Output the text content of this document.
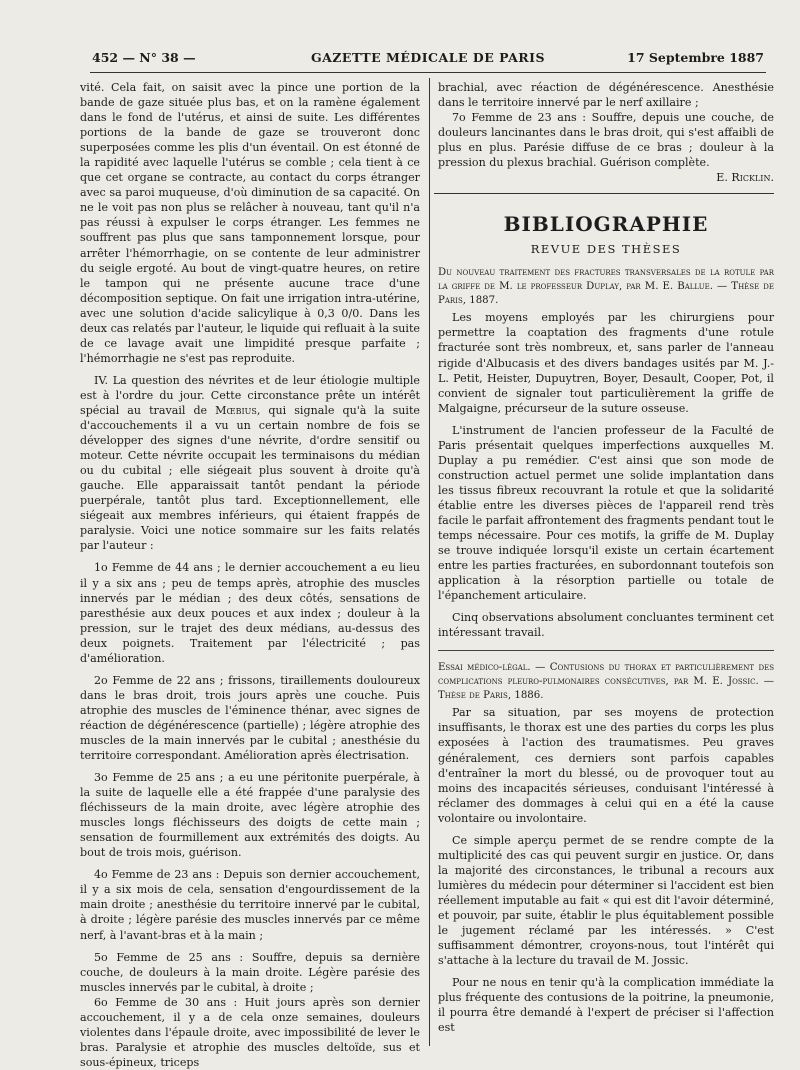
452 — N° 38 —	GAZETTE MÉDICALE DE PARIS	17 Septembre 1887

vité. Cela fait, on saisit avec la pince une portion de la bande de gaze située plus bas, et on la ramène également dans le fond de l'utérus, et ainsi de suite. Les différentes portions de la bande de gaze se trouveront donc superposées comme les plis d'un éventail. On est étonné de la rapidité avec laquelle l'utérus se comble ; cela tient à ce que cet organe se contracte, au contact du corps étranger avec sa paroi muqueuse, d'où diminution de sa capacité. On ne le voit pas non plus se relâcher à nouveau, tant qu'il n'a pas réussi à expulser le corps étranger. Les femmes ne souffrent pas plus que sans tamponnement lorsque, pour arrêter l'hémorrhagie, on se contente de leur administrer du seigle ergoté. Au bout de vingt-quatre heures, on retire le tampon qui ne présente aucune trace d'une décomposition septique. On fait une irrigation intra-utérine, avec une solution d'acide salicylique à 0,3 0/0. Dans les deux cas relatés par l'auteur, le liquide qui refluait à la suite de ce lavage avait une limpidité presque parfaite ; l'hémorrhagie ne s'est pas reproduite.

IV. La question des névrites et de leur étiologie multiple est à l'ordre du jour. Cette circonstance prête un intérêt spécial au travail de Mœbius, qui signale qu'à la suite d'accouchements il a vu un certain nombre de fois se développer des signes d'une névrite, d'ordre sensitif ou moteur. Cette névrite occupait les terminaisons du médian ou du cubital ; elle siégeait plus souvent à droite qu'à gauche. Elle apparaissait tantôt pendant la période puerpérale, tantôt plus tard. Exceptionnellement, elle siégeait aux membres inférieurs, qui étaient frappés de paralysie. Voici une notice sommaire sur les faits relatés par l'auteur :

1o Femme de 44 ans ; le dernier accouchement a eu lieu il y a six ans ; peu de temps après, atrophie des muscles innervés par le médian ; des deux côtés, sensations de paresthésie aux deux pouces et aux index ; douleur à la pression, sur le trajet des deux médians, au-dessus des deux poignets. Traitement par l'électricité ; pas d'amélioration.

2o Femme de 22 ans ; frissons, tiraillements douloureux dans le bras droit, trois jours après une couche. Puis atrophie des muscles de l'éminence thénar, avec signes de réaction de dégénérescence (partielle) ; légère atrophie des muscles de la main innervés par le cubital ; anesthésie du territoire correspondant. Amélioration après électrisation.

3o Femme de 25 ans ; a eu une péritonite puerpérale, à la suite de laquelle elle a été frappée d'une paralysie des fléchisseurs de la main droite, avec légère atrophie des muscles longs fléchisseurs des doigts de cette main ; sensation de fourmillement aux extrémités des doigts. Au bout de trois mois, guérison.

4o Femme de 23 ans : Depuis son dernier accouchement, il y a six mois de cela, sensation d'engourdissement de la main droite ; anesthésie du territoire innervé par le cubital, à droite ; légère parésie des muscles innervés par ce même nerf, à l'avant-bras et à la main ;

5o Femme de 25 ans : Souffre, depuis sa dernière couche, de douleurs à la main droite. Légère parésie des muscles innervés par le cubital, à droite ;

6o Femme de 30 ans : Huit jours après son dernier accouchement, il y a de cela onze semaines, douleurs violentes dans l'épaule droite, avec impossibilité de lever le bras. Paralysie et atrophie des muscles deltoïde, sus et sous-épineux, triceps

brachial, avec réaction de dégénérescence. Anesthésie dans le territoire innervé par le nerf axillaire ;

7o Femme de 23 ans : Souffre, depuis une couche, de douleurs lancinantes dans le bras droit, qui s'est affaibli de plus en plus. Parésie diffuse de ce bras ; douleur à la pression du plexus brachial. Guérison complète.

E. Ricklin.

BIBLIOGRAPHIE
REVUE DES THÈSES

Du nouveau traitement des fractures transversales de la rotule par la griffe de M. le professeur Duplay, par M. E. Ballue. — Thèse de Paris, 1887.

Les moyens employés par les chirurgiens pour permettre la coaptation des fragments d'une rotule fracturée sont très nombreux, et, sans parler de l'anneau rigide d'Albucasis et des divers bandages usités par M. J.-L. Petit, Heister, Dupuytren, Boyer, Desault, Cooper, Pot, il convient de signaler tout particulièrement la griffe de Malgaigne, précurseur de la suture osseuse.

L'instrument de l'ancien professeur de la Faculté de Paris présentait quelques imperfections auxquelles M. Duplay a pu remédier. C'est ainsi que son mode de construction actuel permet une solide implantation dans les tissus fibreux recouvrant la rotule et que la solidarité établie entre les diverses pièces de l'appareil rend très facile le parfait affrontement des fragments pendant tout le temps nécessaire. Pour ces motifs, la griffe de M. Duplay se trouve indiquée lorsqu'il existe un certain écartement entre les parties fracturées, en subordonnant toutefois son application à la résorption partielle ou totale de l'épanchement articulaire.

Cinq observations absolument concluantes terminent cet intéressant travail.

Essai médico-légal. — Contusions du thorax et particulièrement des complications pleuro-pulmonaires consécutives, par M. E. Jossic. — Thèse de Paris, 1886.

Par sa situation, par ses moyens de protection insuffisants, le thorax est une des parties du corps les plus exposées à l'action des traumatismes. Peu graves généralement, ces derniers sont parfois capables d'entraîner la mort du blessé, ou de provoquer tout au moins des incapacités sérieuses, conduisant l'intéressé à réclamer des dommages à celui qui en a été la cause volontaire ou involontaire.

Ce simple aperçu permet de se rendre compte de la multiplicité des cas qui peuvent surgir en justice. Or, dans la majorité des circonstances, le tribunal a recours aux lumières du médecin pour déterminer si l'accident est bien réellement imputable au fait « qui est dit l'avoir déterminé, et pouvoir, par suite, établir le plus équitablement possible le jugement réclamé par les intéressés. » C'est suffisamment démontrer, croyons-nous, tout l'intérêt qui s'attache à la lecture du travail de M. Jossic.

Pour ne nous en tenir qu'à la complication immédiate la plus fréquente des contusions de la poitrine, la pneumonie, il pourra être demandé à l'expert de préciser si l'affection est
